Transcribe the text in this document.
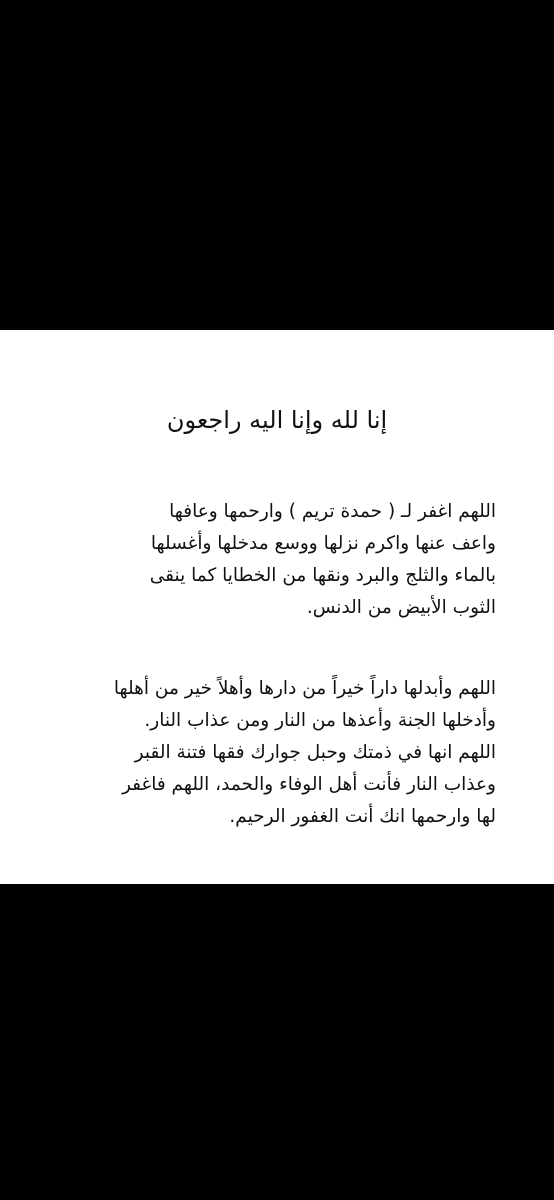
إنا لله وإنا اليه راجعون

اللهم اغفر لـ ( حمدة تريم ) وارحمها وعافها
واعف عنها واكرم نزلها ووسع مدخلها وأغسلها
بالماء والثلج والبرد ونقها من الخطايا كما ينقى
الثوب الأبيض من الدنس.

اللهم وأبدلها داراً خيراً من دارها وأهلاً خير من أهلها
وأدخلها الجنة وأعذها من النار ومن عذاب النار.
اللهم انها في ذمتك وحبل جوارك فقها فتنة القبر
وعذاب النار فأنت أهل الوفاء والحمد، اللهم فاغفر
لها وارحمها انك أنت الغفور الرحيم.
